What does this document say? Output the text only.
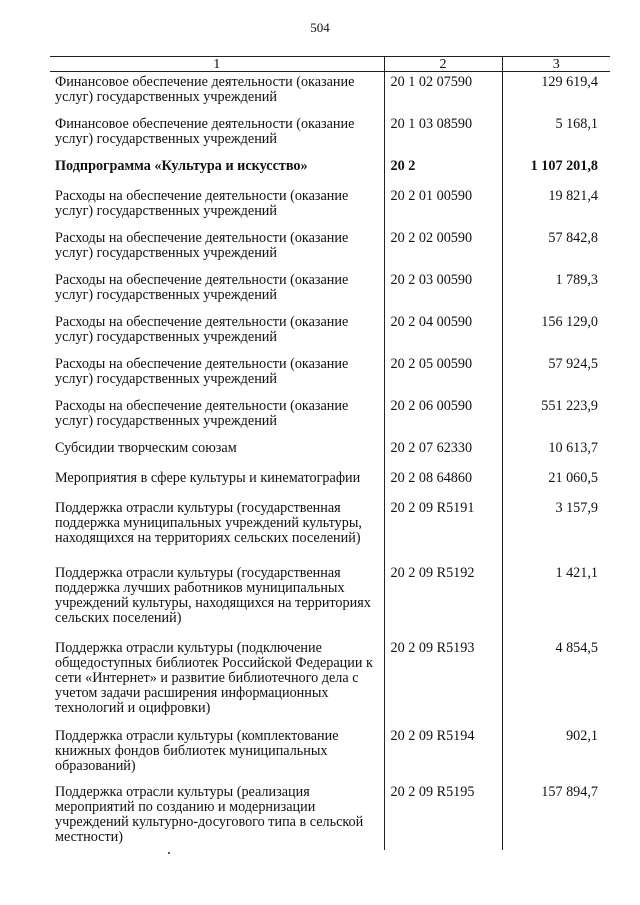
504
1	2	3
Финансовое обеспечение деятельности (оказание услуг) государственных учреждений	20 1 02 07590	129 619,4
Финансовое обеспечение деятельности (оказание услуг) государственных учреждений	20 1 03 08590	5 168,1
Подпрограмма «Культура и искусство»	20 2	1 107 201,8
Расходы на обеспечение деятельности (оказание услуг) государственных учреждений	20 2 01 00590	19 821,4
Расходы на обеспечение деятельности (оказание услуг) государственных учреждений	20 2 02 00590	57 842,8
Расходы на обеспечение деятельности (оказание услуг) государственных учреждений	20 2 03 00590	1 789,3
Расходы на обеспечение деятельности (оказание услуг) государственных учреждений	20 2 04 00590	156 129,0
Расходы на обеспечение деятельности (оказание услуг) государственных учреждений	20 2 05 00590	57 924,5
Расходы на обеспечение деятельности (оказание услуг) государственных учреждений	20 2 06 00590	551 223,9
Субсидии творческим союзам	20 2 07 62330	10 613,7
Мероприятия в сфере культуры и кинематографии	20 2 08 64860	21 060,5
Поддержка отрасли культуры (государственная поддержка муниципальных учреждений культуры, находящихся на территориях сельских поселений)	20 2 09 R5191	3 157,9
Поддержка отрасли культуры (государственная поддержка лучших работников муниципальных учреждений культуры, находящихся на территориях сельских поселений)	20 2 09 R5192	1 421,1
Поддержка отрасли культуры (подключение общедоступных библиотек Российской Федерации к сети «Интернет» и развитие библиотечного дела с учетом задачи расширения информационных технологий и оцифровки)	20 2 09 R5193	4 854,5
Поддержка отрасли культуры (комплектование книжных фондов библиотек муниципальных образований)	20 2 09 R5194	902,1
Поддержка отрасли культуры (реализация мероприятий по созданию и модернизации учреждений культурно-досугового типа в сельской местности)	20 2 09 R5195	157 894,7
